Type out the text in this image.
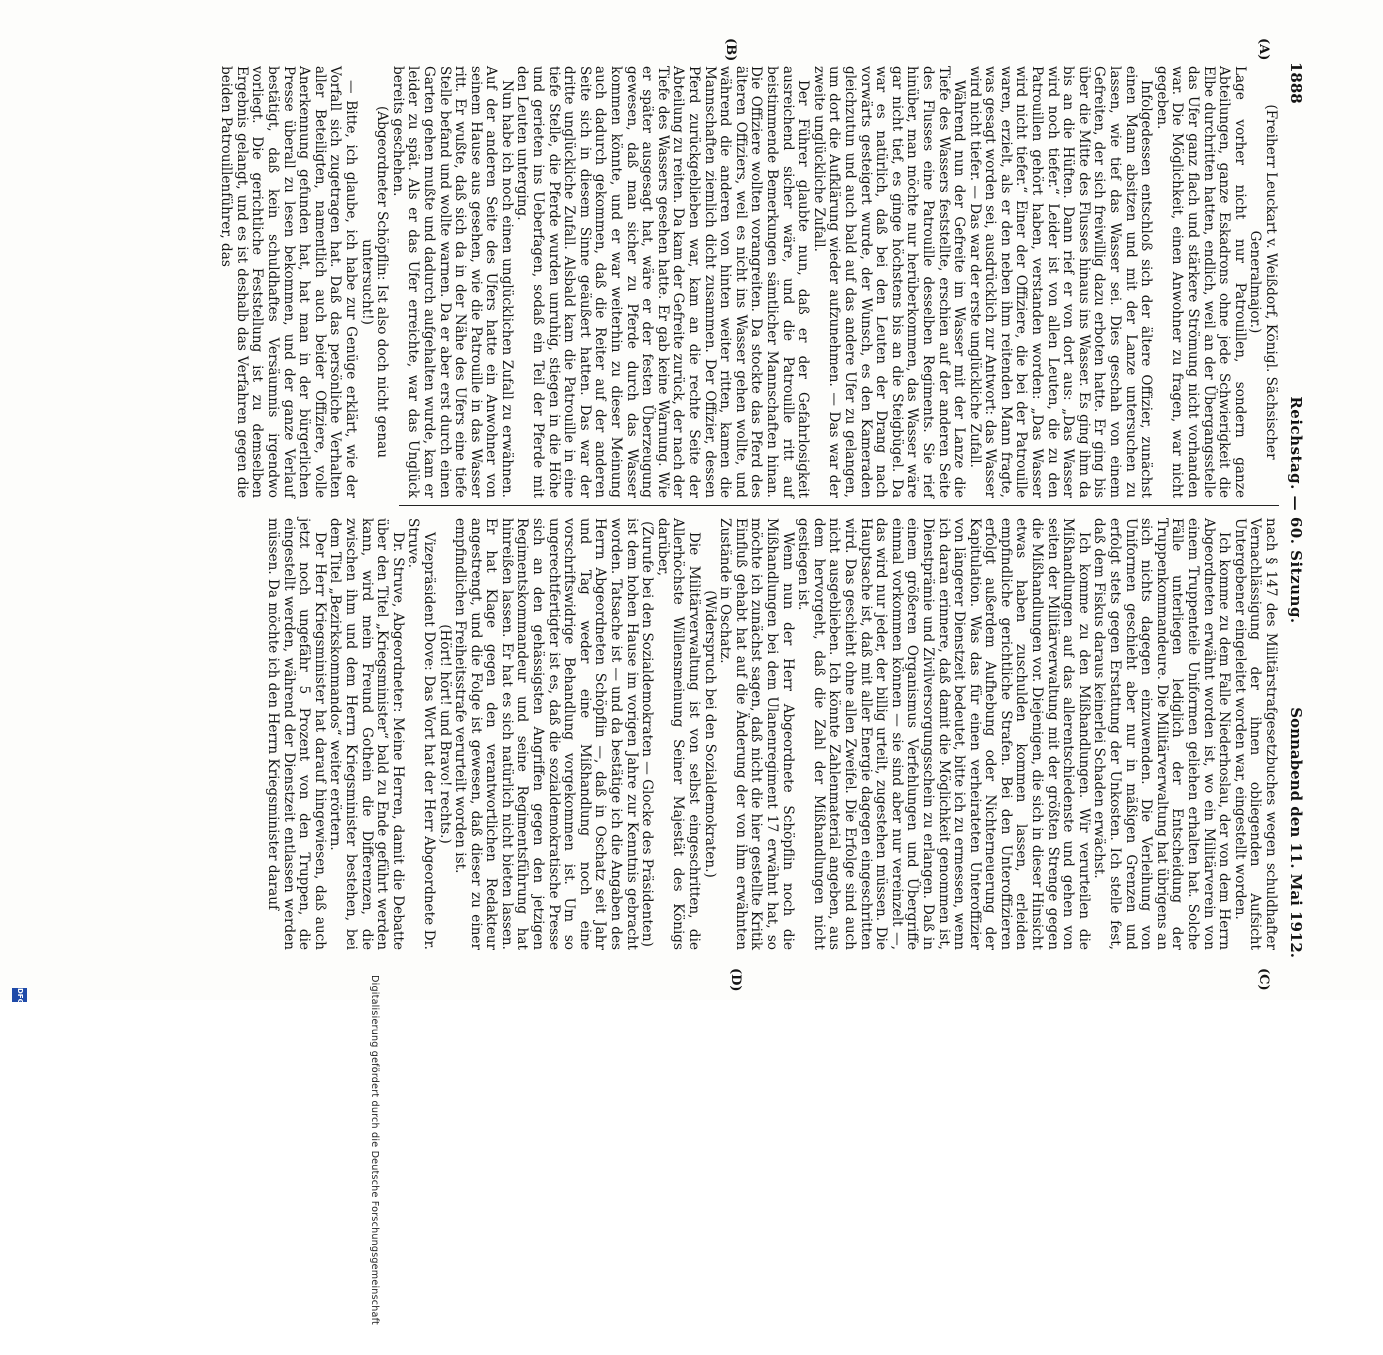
1888
Reichstag. — 60. Sitzung.
Sonnabend den 11. Mai 1912.
(A)
(B)
(C)
(D)

(Freiherr Leuckart v. Weißdorf, Königl. Sächsischer Generalmajor.)

Lage vorher nicht nur Patrouillen, sondern ganze Abteilungen, ganze Eskadrons ohne jede Schwierigkeit die Elbe durchritten hatten, endlich, weil an der Übergangsstelle das Ufer ganz flach und stärkere Strömung nicht vorhanden war. Die Möglichkeit, einen Anwohner zu fragen, war nicht gegeben.

Infolgedessen entschloß sich der ältere Offizier, zunächst einen Mann absitzen und mit der Lanze untersuchen zu lassen, wie tief das Wasser sei. Dies geschah von einem Gefreiten, der sich freiwillig dazu erboten hatte. Er ging bis über die Mitte des Flusses hinaus ins Wasser. Es ging ihm da bis an die Hüften. Dann rief er von dort aus: „Das Wasser wird noch tiefer.“ Leider ist von allen Leuten, die zu den Patrouillen gehört haben, verstanden worden: „Das Wasser wird nicht tiefer.“ Einer der Offiziere, die bei der Patrouille waren, erzielt, als er den neben ihm reitenden Mann fragte, was gesagt worden sei, ausdrücklich zur Antwort: das Wasser wird nicht tiefer. — Das war der erste unglückliche Zufall.

Während nun der Gefreite im Wasser mit der Lanze die Tiefe des Wassers feststellte, erschien auf der anderen Seite des Flusses eine Patrouille desselben Regiments. Sie rief hinüber, man möchte nur herüberkommen, das Wasser wäre gar nicht tief, es ginge höchstens bis an die Steigbügel. Da war es natürlich, daß bei den Leuten der Drang nach vorwärts gesteigert wurde, der Wunsch, es den Kameraden gleichzutun und auch bald auf das andere Ufer zu gelangen, um dort die Aufklärung wieder aufzunehmen. — Das war der zweite unglückliche Zufall.

Der Führer glaubte nun, daß er der Gefahrlosigkeit ausreichend sicher wäre, und die Patrouille ritt auf beistimmende Bemerkungen sämtlicher Mannschaften hinan. Die Offiziere wollten vorangreiten. Da stockte das Pferd des älteren Offiziers, weil es nicht ins Wasser gehen wollte, und während die anderen von hinten weiter ritten, kamen die Mannschaften ziemlich dicht zusammen. Der Offizier, dessen Pferd zurückgeblieben war, kam an die rechte Seite der Abteilung zu reiten. Da kam der Gefreite zurück, der nach der Tiefe des Wassers gesehen hatte. Er gab keine Warnung. Wie er später ausgesagt hat, wäre er der festen Überzeugung gewesen, daß man sicher zu Pferde durch das Wasser kommen könnte, und er war weiterhin zu dieser Meinung auch dadurch gekommen, daß die Reiter auf der anderen Seite sich in diesem Sinne geäußert hatten. Das war der dritte unglückliche Zufall. Alsbald kam die Patrouille in eine tiefe Stelle, die Pferde wurden unruhig, stiegen in die Höhe und gerieten ins Ueberfagen, sodaß ein Teil der Pferde mit den Leuten unterging.

Nun habe ich noch einen unglücklichen Zufall zu erwähnen. Auf der anderen Seite des Ufers hatte ein Anwohner von seinem Hause aus gesehen, wie die Patrouille in das Wasser ritt. Er wußte, daß sich da in der Nähe des Ufers eine tiefe Stelle befand und wollte warnen. Da er aber erst durch einen Garten gehen mußte und dadurch aufgehalten wurde, kam er leider zu spät. Als er das Ufer erreichte, war das Unglück bereits geschehen.

(Abgeordneter Schöpflin: Ist also doch nicht genau untersucht!)

— Bitte, ich glaube, ich habe zur Genüge erklärt, wie der Vorfall sich zugetragen hat. Daß das persönliche Verhalten aller Beteiligten, namentlich auch beider Offiziere, volle Anerkennung gefunden hat, hat man in der bürgerlichen Presse überall zu lesen bekommen, und der ganze Verlauf bestätigt, daß kein schuldhaftes Versäumnis irgendwo vorliegt. Die gerichtliche Feststellung ist zu demselben Ergebnis gelangt, und es ist deshalb das Verfahren gegen die beiden Patrouillenführer, das

nach § 147 des Militärstrafgesetzbuches wegen schuldhafter Vernachlässigung der ihnen obliegenden Aufsicht Untergebener eingeleitet worden war, eingestellt worden.

Ich komme zu dem Falle Niederhoslau, der von dem Herrn Abgeordneten erwähnt worden ist, wo ein Militärverein von einem Truppenteile Uniformen geliehen erhalten hat. Solche Fälle unterliegen lediglich der Entscheidung der Truppenkommandeure. Die Militärverwaltung hat übrigens an sich nichts dagegen einzuwenden. Die Verleihung von Uniformen geschieht aber nur in mäßigen Grenzen und erfolgt stets gegen Erstattung der Unkosten. Ich stelle fest, daß dem Fiskus daraus keinerlei Schaden erwächst.

Ich komme zu den Mißhandlungen. Wir verurteilen die Mißhandlungen auf das allerentschiedenste und gehen von seiten der Militärverwaltung mit der größten Strenge gegen die Mißhandlungen vor. Diejenigen, die sich in dieser Hinsicht etwas haben zuschulden kommen lassen, erleiden empfindliche gerichtliche Strafen. Bei den Unteroffizieren erfolgt außerdem Aufhebung oder Nichterneuerung der Kapitulation. Was das für einen verheirateten Unteroffizier von längerer Dienstzeit bedeutet, bitte ich zu ermessen, wenn ich daran erinnere, daß damit die Möglichkeit genommen ist, Dienstprämie und Zivilversorgungsschein zu erlangen. Daß in einem größeren Organismus Verfehlungen und Übergriffe einmal vorkommen können — sie sind aber nur vereinzelt —, das wird nur jeder, der billig urteilt, zugestehen müssen. Die Hauptsache ist, daß mit aller Energie dagegen eingeschritten wird. Das geschieht ohne allen Zweifel. Die Erfolge sind auch nicht ausgeblieben. Ich könnte Zahlenmaterial angeben, aus dem hervorgeht, daß die Zahl der Mißhandlungen nicht gestiegen ist.

Wenn nun der Herr Abgeordnete Schöpflin noch die Mißhandlungen bei dem Ulanenregiment 17 erwähnt hat, so möchte ich zunächst sagen, daß nicht die hier gestellte Kritik Einfluß gehabt hat auf die Änderung der von ihm erwähnten Zustände in Oschatz.

(Widerspruch bei den Sozialdemokraten.)

Die Militärverwaltung ist von selbst eingeschritten, die Allerhöchste Willensmeinung Seiner Majestät des Königs darüber,

(Zurufe bei den Sozialdemokraten — Glocke des Präsidenten)

ist dem hohen Hause im vorigen Jahre zur Kenntnis gebracht worden. Tatsache ist — und da bestätige ich die Angaben des Herrn Abgeordneten Schöpflin —, daß in Oschatz seit Jahr und Tag weder eine Mißhandlung noch eine vorschriftswidrige Behandlung vorgekommen ist. Um so ungerechtfertigter ist es, daß die sozialdemokratische Presse sich an den gehässigsten Angriffen gegen den jetzigen Regimentskommandeur und seine Regimentsführung hat hinreißen lassen. Er hat es sich natürlich nicht bieten lassen. Er hat Klage gegen den verantwortlichen Redakteur angestrengt, und die Folge ist gewesen, daß dieser zu einer empfindlichen Freiheitsstrafe verurteilt worden ist.

(Hört! hört! und Bravo! rechts.)

Vizepräsident Dove: Das Wort hat der Herr Abgeordnete Dr. Struve.

Dr. Struve, Abgeordneter: Meine Herren, damit die Debatte über den Titel „Kriegsminister“ bald zu Ende geführt werden kann, wird mein Freund Gothein die Differenzen, die zwischen ihm und dem Herrn Kriegsminister bestehen, bei dem Titel „Bezirkskommandos“ weiter erörtern.

Der Herr Kriegsminister hat darauf hingewiesen, daß auch jetzt noch ungefähr 5 Prozent von den Truppen, die eingestellt werden, während der Dienstzeit entlassen werden müssen. Da möchte ich den Herrn Kriegsminister darauf

Digitalisierung gefördert durch die Deutsche Forschungsgemeinschaft
DFG
